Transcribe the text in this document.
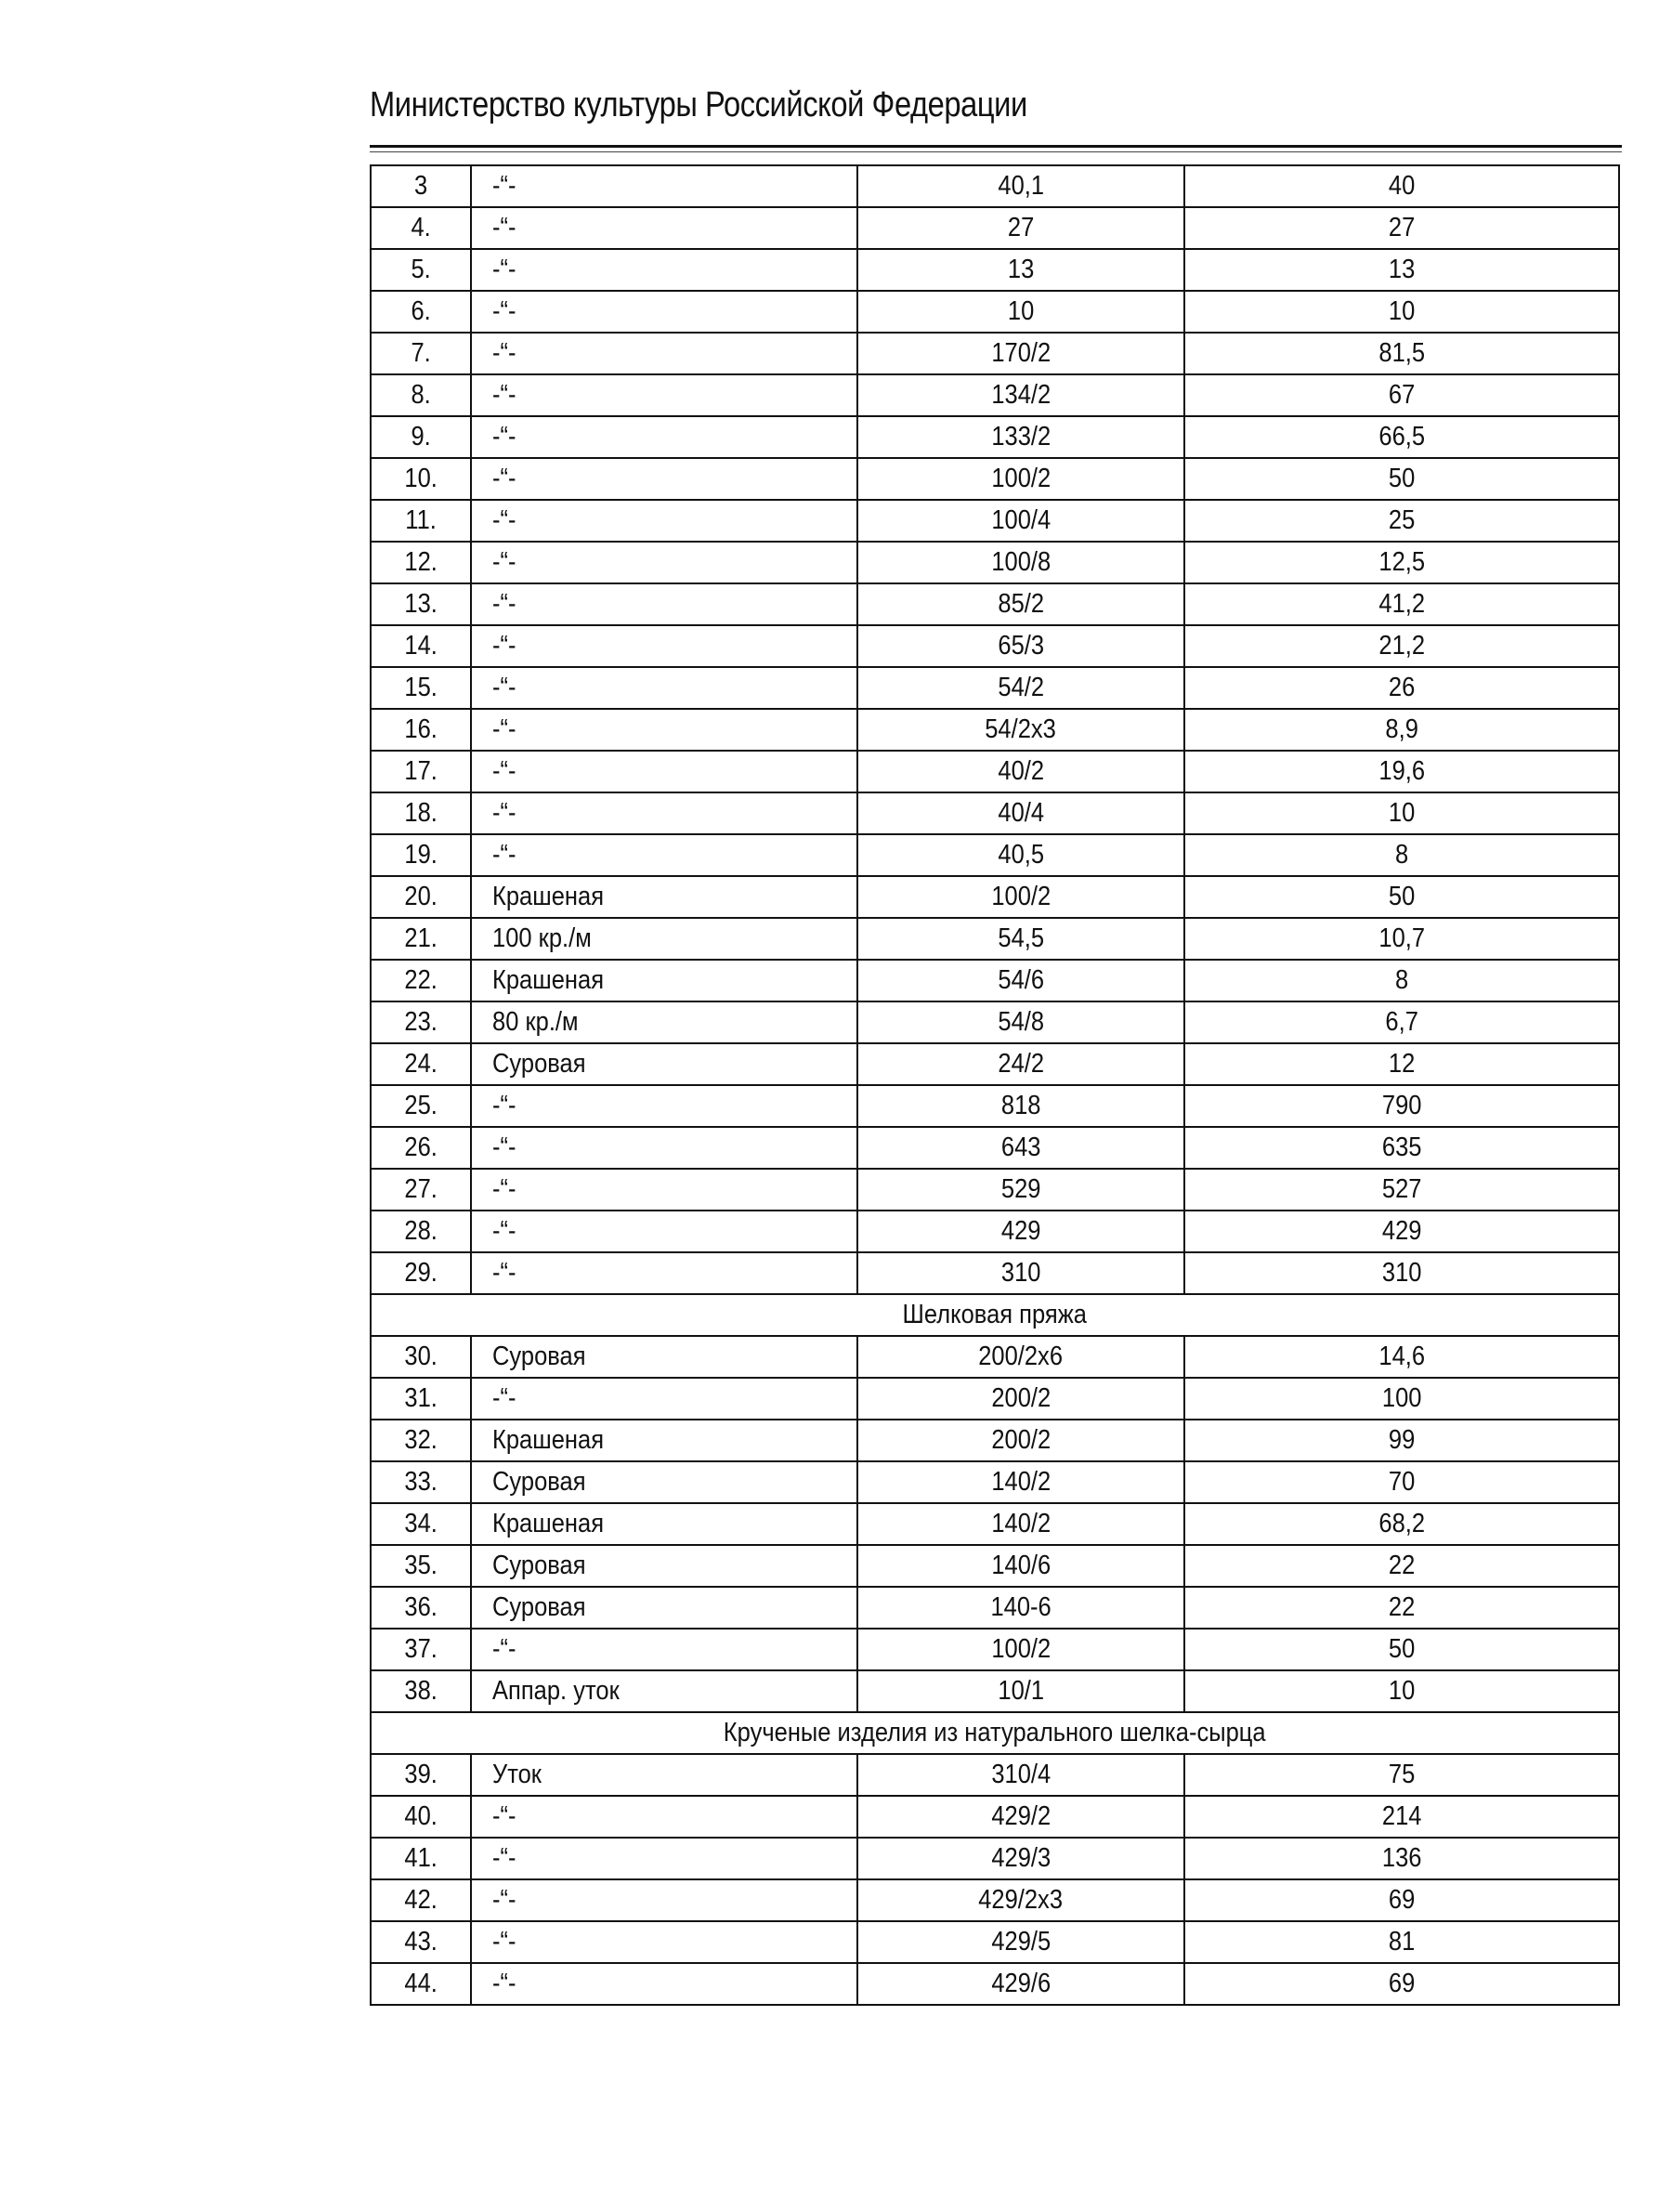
Министерство культуры Российской Федерации
3	-“-	40,1	40
4.	-“-	27	27
5.	-“-	13	13
6.	-“-	10	10
7.	-“-	170/2	81,5
8.	-“-	134/2	67
9.	-“-	133/2	66,5
10.	-“-	100/2	50
11.	-“-	100/4	25
12.	-“-	100/8	12,5
13.	-“-	85/2	41,2
14.	-“-	65/3	21,2
15.	-“-	54/2	26
16.	-“-	54/2х3	8,9
17.	-“-	40/2	19,6
18.	-“-	40/4	10
19.	-“-	40,5	8
20.	Крашеная	100/2	50
21.	100 кр./м	54,5	10,7
22.	Крашеная	54/6	8
23.	80 кр./м	54/8	6,7
24.	Суровая	24/2	12
25.	-“-	818	790
26.	-“-	643	635
27.	-“-	529	527
28.	-“-	429	429
29.	-“-	310	310
Шелковая пряжа			
30.	Суровая	200/2х6	14,6
31.	-“-	200/2	100
32.	Крашеная	200/2	99
33.	Суровая	140/2	70
34.	Крашеная	140/2	68,2
35.	Суровая	140/6	22
36.	Суровая	140-6	22
37.	-“-	100/2	50
38.	Аппар. уток	10/1	10
Крученые изделия из натурального шелка-сырца			
39.	Уток	310/4	75
40.	-“-	429/2	214
41.	-“-	429/3	136
42.	-“-	429/2х3	69
43.	-“-	429/5	81
44.	-“-	429/6	69
